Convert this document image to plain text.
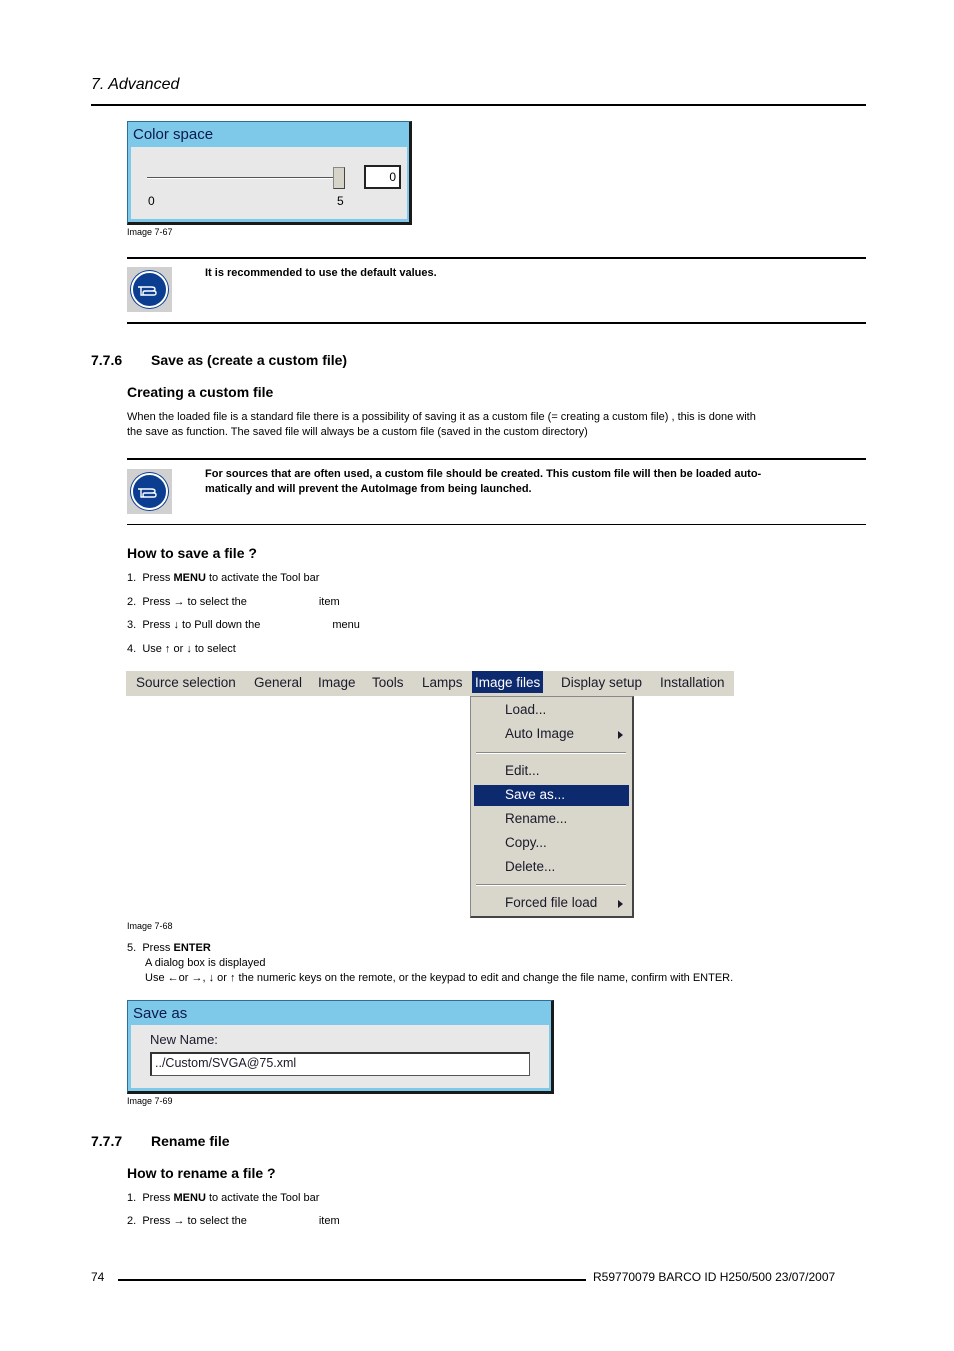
7. Advanced
Color space
0	5
0
Image 7-67
It is recommended to use the default values.
7.7.6 Save as (create a custom file)
Creating a custom file
When the loaded file is a standard file there is a possibility of saving it as a custom file (= creating a custom file) , this is done with
the save as function. The saved file will always be a custom file (saved in the custom directory)
For sources that are often used, a custom file should be created. This custom file will then be loaded auto-
matically and will prevent the AutoImage from being launched.
How to save a file ?
1. Press MENU to activate the Tool bar
2. Press → to select the	item
3. Press ↓ to Pull down the	menu
4. Use ↑ or ↓ to select
Source selection General Image Tools Lamps Image files Display setup Installation
Load...
Auto Image
Edit...
Save as...
Rename...
Copy...
Delete...
Forced file load
Image 7-68
5. Press ENTER
A dialog box is displayed
Use ←or →, ↓ or ↑ the numeric keys on the remote, or the keypad to edit and change the file name, confirm with ENTER.
Save as
New Name:
../Custom/SVGA@75.xml
Image 7-69
7.7.7 Rename file
How to rename a file ?
1. Press MENU to activate the Tool bar
2. Press → to select the	item
74	R59770079 BARCO ID H250/500 23/07/2007
